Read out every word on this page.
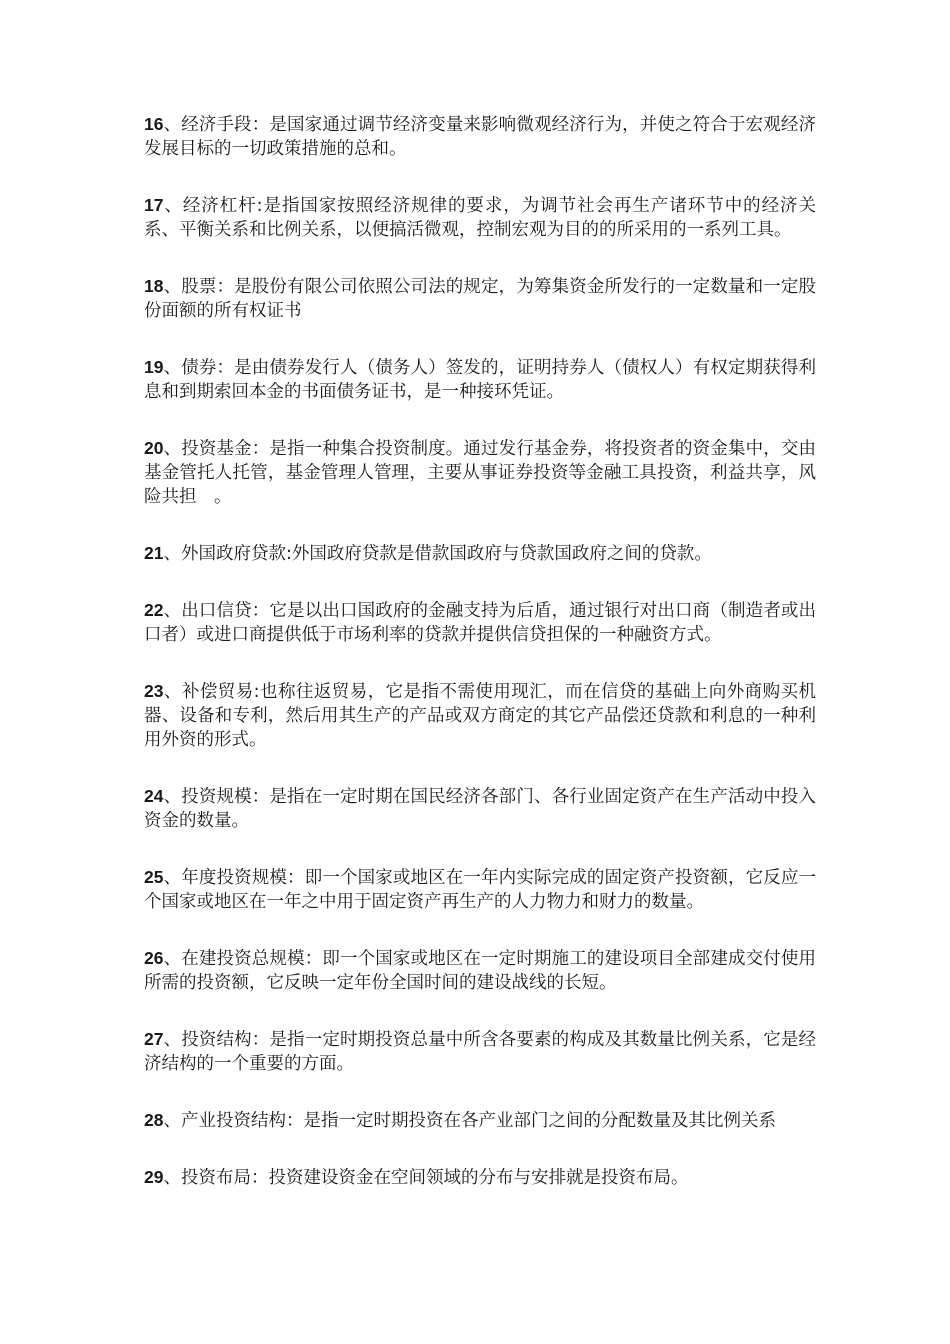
16、经济手段：是国家通过调节经济变量来影响微观经济行为，并使之符合于宏观经济发展目标的一切政策措施的总和。

17、经济杠杆:是指国家按照经济规律的要求，为调节社会再生产诸环节中的经济关系、平衡关系和比例关系，以便搞活微观，控制宏观为目的的所采用的一系列工具。

18、股票：是股份有限公司依照公司法的规定，为筹集资金所发行的一定数量和一定股份面额的所有权证书

19、债券：是由债券发行人（债务人）签发的，证明持券人（债权人）有权定期获得利息和到期索回本金的书面债务证书，是一种接环凭证。

20、投资基金：是指一种集合投资制度。通过发行基金券，将投资者的资金集中，交由基金管托人托管，基金管理人管理，主要从事证券投资等金融工具投资，利益共享，风险共担　。

21、外国政府贷款:外国政府贷款是借款国政府与贷款国政府之间的贷款。

22、出口信贷：它是以出口国政府的金融支持为后盾，通过银行对出口商（制造者或出口者）或进口商提供低于市场利率的贷款并提供信贷担保的一种融资方式。

23、补偿贸易:也称往返贸易，它是指不需使用现汇，而在信贷的基础上向外商购买机器、设备和专利，然后用其生产的产品或双方商定的其它产品偿还贷款和利息的一种利用外资的形式。

24、投资规模：是指在一定时期在国民经济各部门、各行业固定资产在生产活动中投入资金的数量。

25、年度投资规模：即一个国家或地区在一年内实际完成的固定资产投资额，它反应一个国家或地区在一年之中用于固定资产再生产的人力物力和财力的数量。

26、在建投资总规模：即一个国家或地区在一定时期施工的建设项目全部建成交付使用所需的投资额，它反映一定年份全国时间的建设战线的长短。

27、投资结构：是指一定时期投资总量中所含各要素的构成及其数量比例关系，它是经济结构的一个重要的方面。

28、产业投资结构：是指一定时期投资在各产业部门之间的分配数量及其比例关系

29、投资布局：投资建设资金在空间领域的分布与安排就是投资布局。
